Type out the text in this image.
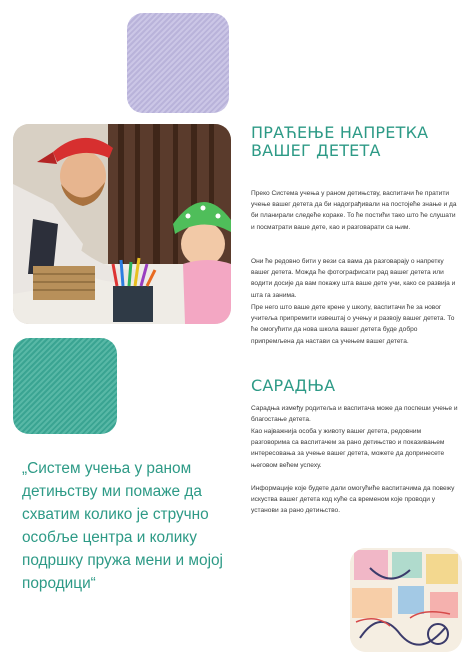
ПРАЋЕЊЕ НАПРЕТКА ВАШЕГ ДЕТЕТА

Преко Система учења у раном детињству, васпитачи ће пратити учење вашег детета да би надограђивали на постојеће знање и да би планирали следеће кораке. То ће постићи тако што ће слушати и посматрати ваше дете, као и разговарати са њим.

Они ће редовно бити у вези са вама да разговарају о напретку вашег детета. Можда ће фотографисати рад вашег детета или водити досије да вам покажу шта ваше дете учи, како се развија и шта га занима.

Пре него што ваше дете крене у школу, васпитачи ће за новог учитеља припремити извештај о учењу и развоју вашег детета. То ће омогућити да нова школа вашег детета буде добро припремљена да настави са учењем вашег детета.

САРАДЊА

Сарадња између родитеља и васпитача може да поспеши учење и благостање детета.

Као најважнија особа у животу вашег детета, редовним разговорима са васпитачем за рано детињство и показивањем интересовања за учење вашег детета, можете да допринесете његовом већем успеху.

Информације које будете дали омогућиће васпитачима да повежу искуства вашег детета код куће са временом које проводи у установи за рано детињство.

„Систем учења у раном детињству ми помаже да схватим колико је стручно особље центра и колику подршку пружа мени и мојој породици“
